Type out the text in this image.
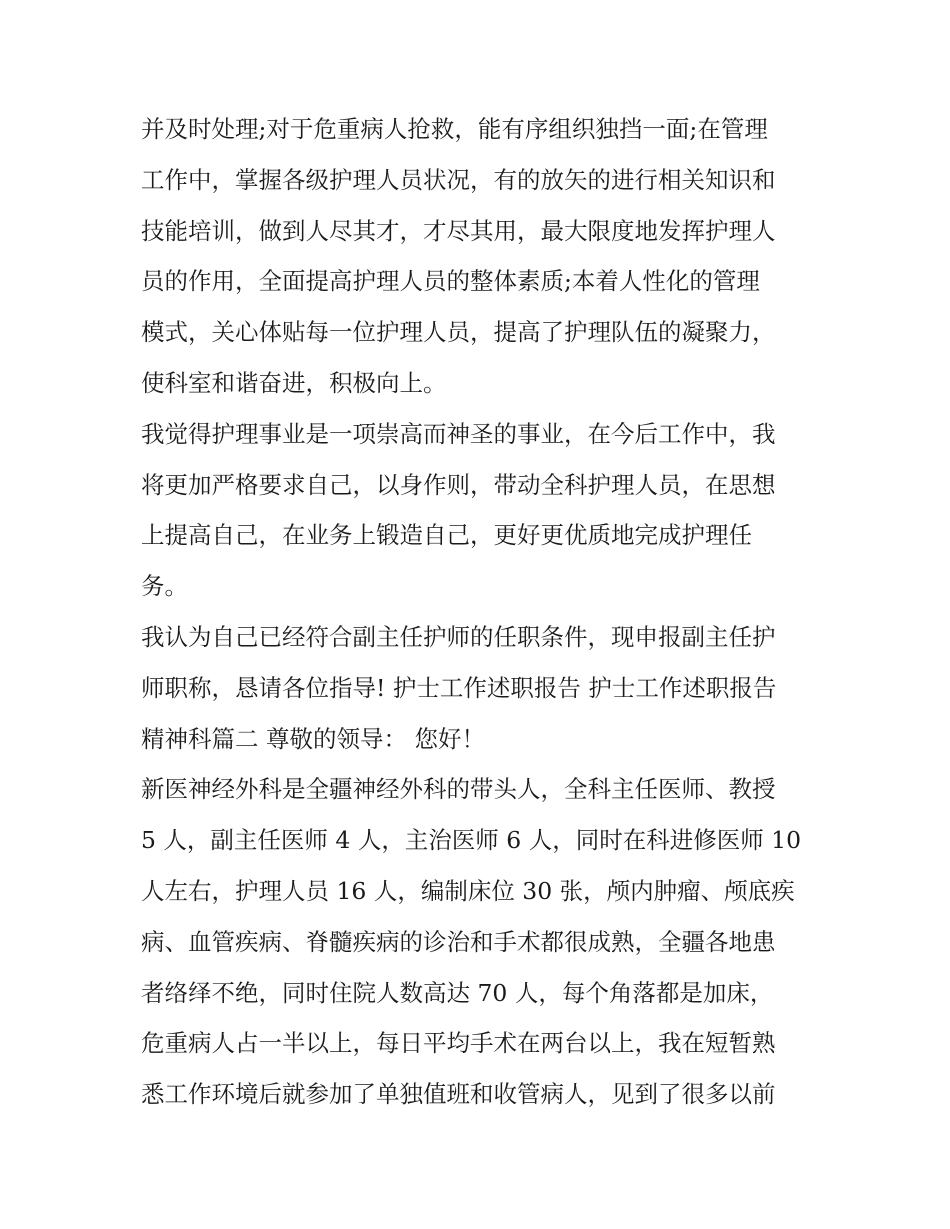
并及时处理;对于危重病人抢救，能有序组织独挡一面;在管理
工作中，掌握各级护理人员状况，有的放矢的进行相关知识和
技能培训，做到人尽其才，才尽其用，最大限度地发挥护理人
员的作用，全面提高护理人员的整体素质;本着人性化的管理
模式，关心体贴每一位护理人员，提高了护理队伍的凝聚力，
使科室和谐奋进，积极向上。
我觉得护理事业是一项崇高而神圣的事业，在今后工作中，我
将更加严格要求自己，以身作则，带动全科护理人员，在思想
上提高自己，在业务上锻造自己，更好更优质地完成护理任
务。
我认为自己已经符合副主任护师的任职条件，现申报副主任护
师职称，恳请各位指导! 护士工作述职报告 护士工作述职报告
精神科篇二 尊敬的领导： 您好！
新医神经外科是全疆神经外科的带头人，全科主任医师、教授
5 人，副主任医师 4 人，主治医师 6 人，同时在科进修医师 10
人左右，护理人员 16 人，编制床位 30 张，颅内肿瘤、颅底疾
病、血管疾病、脊髓疾病的诊治和手术都很成熟，全疆各地患
者络绎不绝，同时住院人数高达 70 人，每个角落都是加床，
危重病人占一半以上，每日平均手术在两台以上，我在短暂熟
悉工作环境后就参加了单独值班和收管病人，见到了很多以前
